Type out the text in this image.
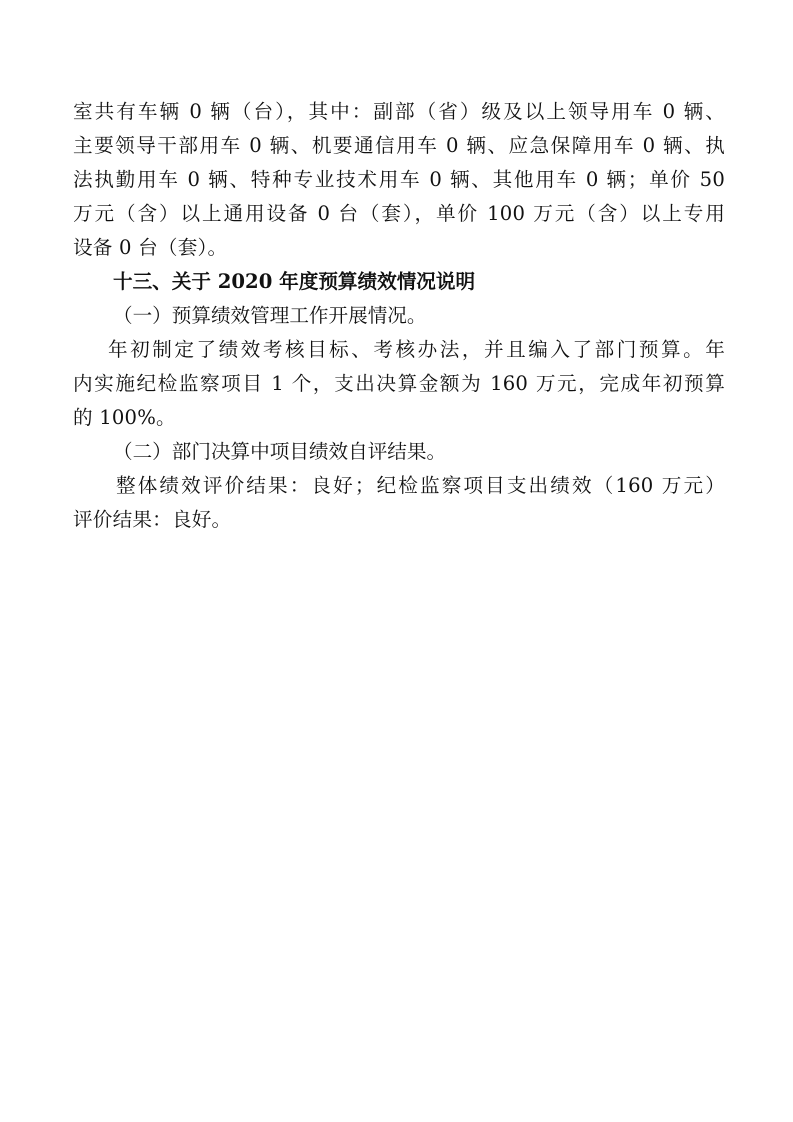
室共有车辆 0 辆（台），其中：副部（省）级及以上领导用车 0 辆、
主要领导干部用车 0 辆、机要通信用车 0 辆、应急保障用车 0 辆、执
法执勤用车 0 辆、特种专业技术用车 0 辆、其他用车 0 辆；单价 50
万元（含）以上通用设备 0 台（套），单价 100 万元（含）以上专用
设备 0 台（套）。
十三、关于 2020 年度预算绩效情况说明
（一）预算绩效管理工作开展情况。
年初制定了绩效考核目标、考核办法，并且编入了部门预算。年
内实施纪检监察项目 1 个，支出决算金额为 160 万元，完成年初预算
的 100%。
（二）部门决算中项目绩效自评结果。
整体绩效评价结果：良好；纪检监察项目支出绩效（160 万元）
评价结果：良好。
